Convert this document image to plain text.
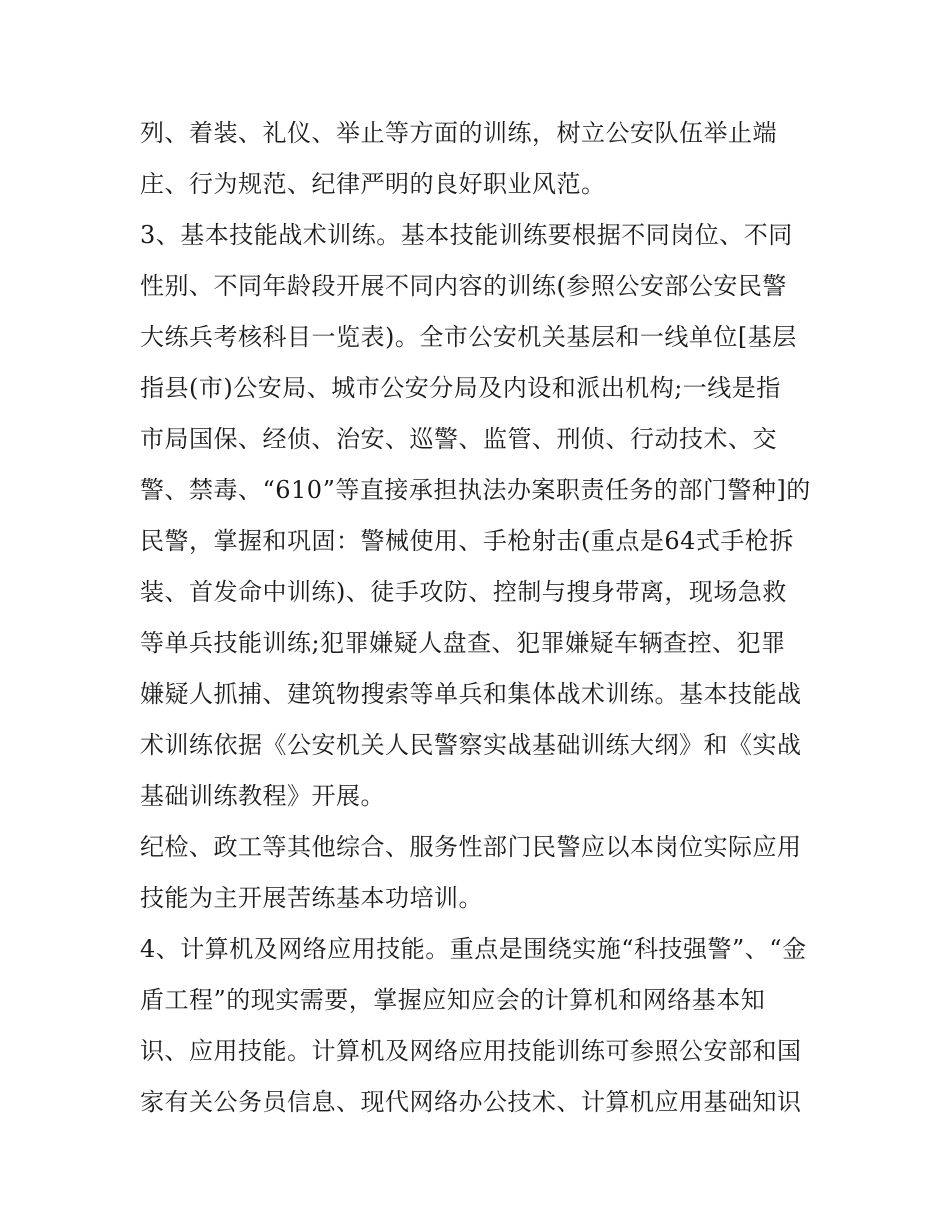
列、着装、礼仪、举止等方面的训练，树立公安队伍举止端
庄、行为规范、纪律严明的良好职业风范。
3、基本技能战术训练。基本技能训练要根据不同岗位、不同
性别、不同年龄段开展不同内容的训练(参照公安部公安民警
大练兵考核科目一览表)。全市公安机关基层和一线单位[基层
指县(市)公安局、城市公安分局及内设和派出机构;一线是指
市局国保、经侦、治安、巡警、监管、刑侦、行动技术、交
警、禁毒、“610”等直接承担执法办案职责任务的部门警种]的
民警，掌握和巩固：警械使用、手枪射击(重点是64式手枪拆
装、首发命中训练)、徒手攻防、控制与搜身带离，现场急救
等单兵技能训练;犯罪嫌疑人盘查、犯罪嫌疑车辆查控、犯罪
嫌疑人抓捕、建筑物搜索等单兵和集体战术训练。基本技能战
术训练依据《公安机关人民警察实战基础训练大纲》和《实战
基础训练教程》开展。
纪检、政工等其他综合、服务性部门民警应以本岗位实际应用
技能为主开展苦练基本功培训。
4、计算机及网络应用技能。重点是围绕实施“科技强警”、“金
盾工程”的现实需要，掌握应知应会的计算机和网络基本知
识、应用技能。计算机及网络应用技能训练可参照公安部和国
家有关公务员信息、现代网络办公技术、计算机应用基础知识
